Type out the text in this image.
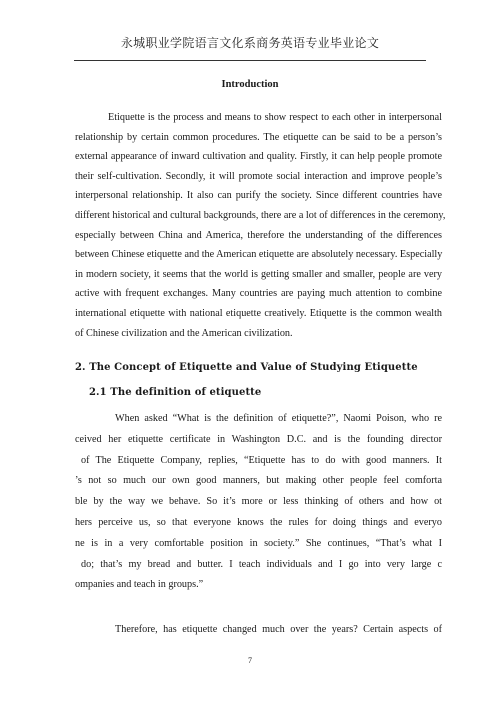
永城职业学院语言文化系商务英语专业毕业论文
Introduction
Etiquette is the process and means to show respect to each other in interpersonal
relationship by certain common procedures. The etiquette can be said to be a person’s
external appearance of inward cultivation and quality. Firstly, it can help people promote
their self-cultivation. Secondly, it will promote social interaction and improve people’s
interpersonal relationship. It also can purify the society. Since different countries have
different historical and cultural backgrounds, there are a lot of differences in the ceremony,
especially between China and America, therefore the understanding of the differences
between Chinese etiquette and the American etiquette are absolutely necessary. Especially
in modern society, it seems that the world is getting smaller and smaller, people are very
active with frequent exchanges. Many countries are paying much attention to combine
international etiquette with national etiquette creatively. Etiquette is the common wealth
of Chinese civilization and the American civilization.
2. The Concept of Etiquette and Value of Studying Etiquette
2.1 The definition of etiquette
When asked “What is the definition of etiquette?”, Naomi Poison, who re
ceived her etiquette certificate in Washington D.C. and is the founding director
of The Etiquette Company, replies, “Etiquette has to do with good manners. It
’s not so much our own good manners, but making other people feel comforta
ble by the way we behave. So it’s more or less thinking of others and how ot
hers perceive us, so that everyone knows the rules for doing things and everyo
ne is in a very comfortable position in society.” She continues, “That’s what I
do; that’s my bread and butter. I teach individuals and I go into very large c
ompanies and teach in groups.”
Therefore, has etiquette changed much over the years? Certain aspects of
7
